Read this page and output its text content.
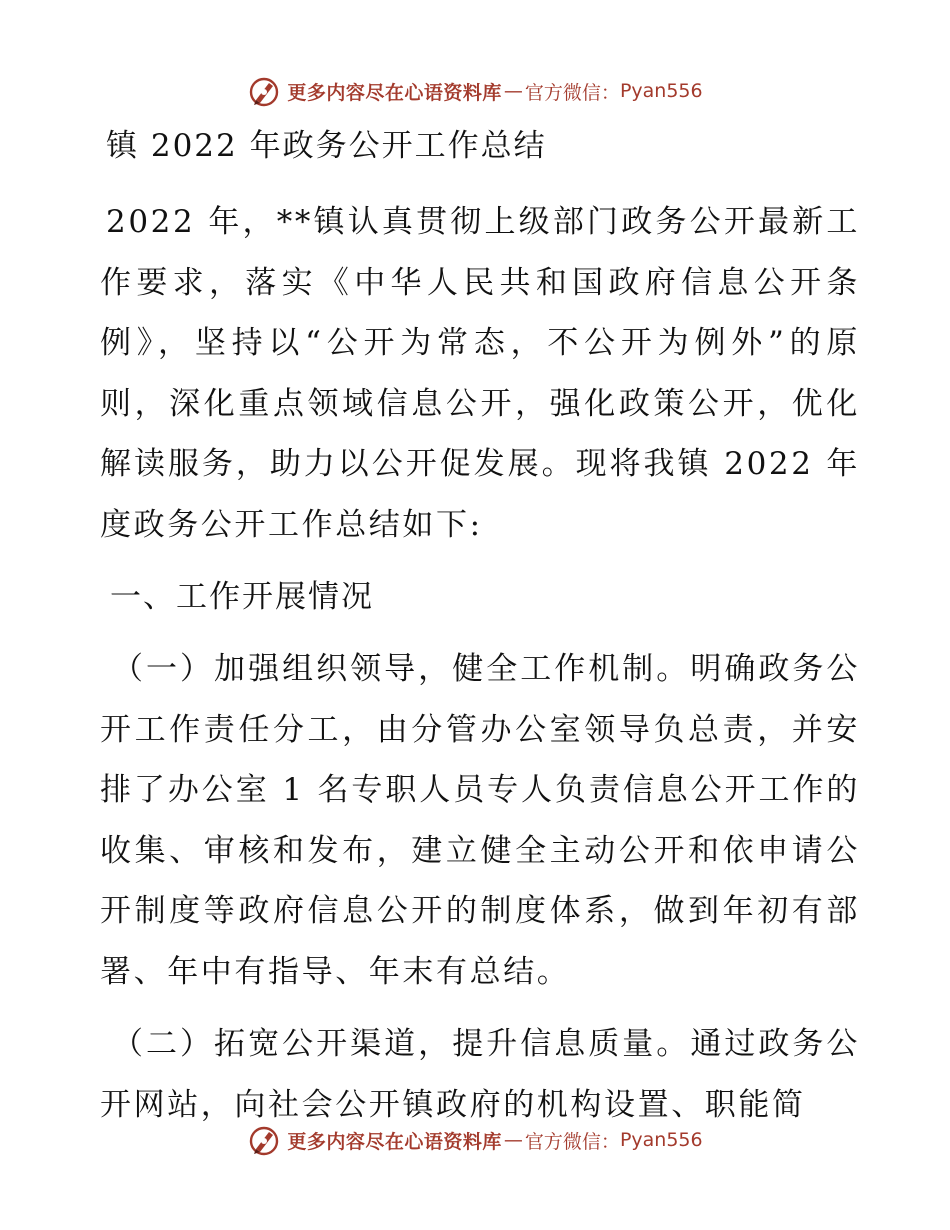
更多内容尽在心语资料库 — 官方微信： Pyan556
镇 2022 年政务公开工作总结

2022 年，**镇认真贯彻上级部门政务公开最新工作要求，落实《中华人民共和国政府信息公开条例》，坚持以“公开为常态，不公开为例外”的原则，深化重点领域信息公开，强化政策公开，优化解读服务，助力以公开促发展。现将我镇 2022 年度政务公开工作总结如下:

一、工作开展情况

（一）加强组织领导，健全工作机制。明确政务公开工作责任分工，由分管办公室领导负总责，并安排了办公室 1 名专职人员专人负责信息公开工作的收集、审核和发布，建立健全主动公开和依申请公开制度等政府信息公开的制度体系，做到年初有部署、年中有指导、年末有总结。

（二）拓宽公开渠道，提升信息质量。通过政务公开网站，向社会公开镇政府的机构设置、职能简

更多内容尽在心语资料库 — 官方微信： Pyan556
